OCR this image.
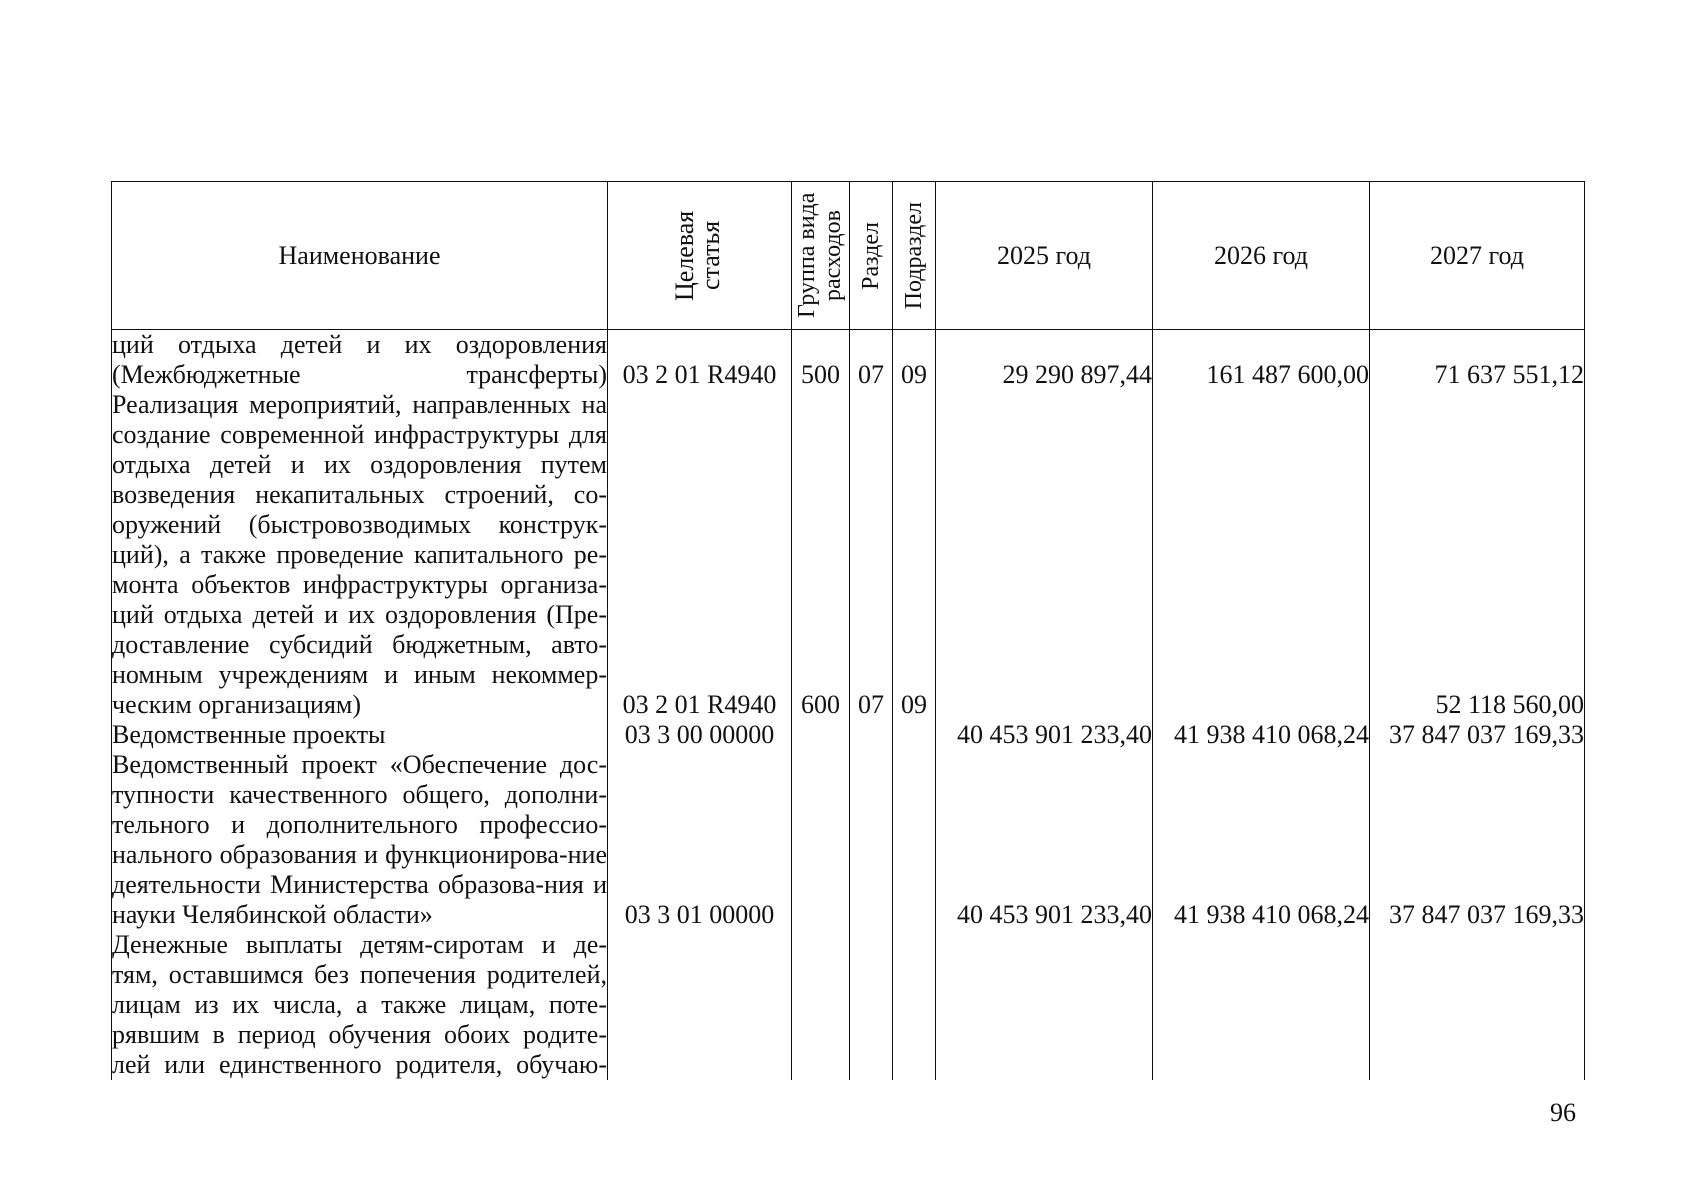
Наименование	Целевая статья	Группа вида расходов	Раздел	Подраздел	2025 год	2026 год	2027 год
ций отдыха детей и их оздоровления (Межбюджетные трансферты)	03 2 01 R4940	500	07	09	29 290 897,44	161 487 600,00	71 637 551,12
Реализация мероприятий, направленных на создание современной инфраструктуры для отдыха детей и их оздоровления путем возведения некапитальных строений, со-оружений (быстровозводимых конструк-ций), а также проведение капитального ре-монта объектов инфраструктуры организа-ций отдыха детей и их оздоровления (Пре-доставление субсидий бюджетным, авто-номным учреждениям и иным некоммер-ческим организациям)	03 2 01 R4940	600	07	09			52 118 560,00
Ведомственные проекты	03 3 00 00000				40 453 901 233,40	41 938 410 068,24	37 847 037 169,33
Ведомственный проект «Обеспечение дос-тупности качественного общего, дополни-тельного и дополнительного профессио-нального образования и функционирова-ние деятельности Министерства образова-ния и науки Челябинской области»	03 3 01 00000				40 453 901 233,40	41 938 410 068,24	37 847 037 169,33
Денежные выплаты детям-сиротам и де-тям, оставшимся без попечения родителей, лицам из их числа, а также лицам, поте-рявшим в период обучения обоих родите-лей или единственного родителя, обучаю-							
96
